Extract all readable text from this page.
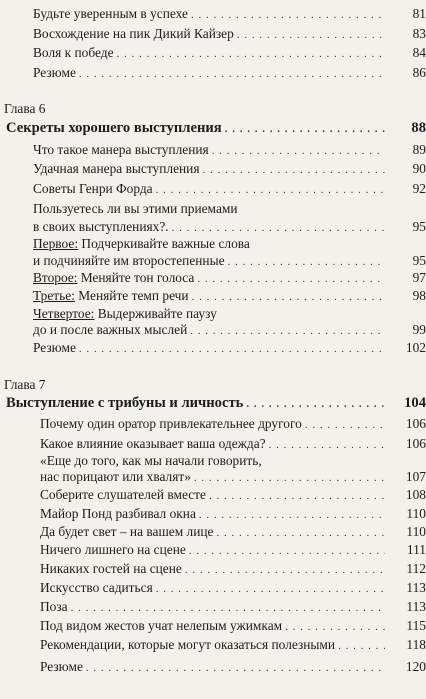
Будьте уверенным в успехе . . .	81
Восхождение на пик Дикий Кайзер . . .	83
Воля к победе . . .	84
Резюме . . .	86
Глава 6
Секреты хорошего выступления . . .	88
Что такое манера выступления . . .	89
Удачная манера выступления . . .	90
Советы Генри Форда . . .	92
Пользуетесь ли вы этими приемами
в своих выступлениях?. . . .	95
Первое: Подчеркивайте важные слова
и подчиняйте им второстепенные . . .	95
Вторoe: Меняйте тон голоса . . .	97
Третье: Меняйте темп речи . . .	98
Четвертое: Выдерживайте паузу
до и после важных мыслей . . .	99
Резюме . . .	102
Глава 7
Выступление с трибуны и личность . . .	104
Почему один оратор привлекательнее другого . . .	106
Какое влияние оказывает ваша одежда? . . .	106
«Еще до того, как мы начали говорить,
нас порицают или хвалят» . . .	107
Соберите слушателей вместе . . .	108
Майор Понд разбивал окна . . .	110
Да будет свет – на вашем лице . . .	110
Ничего лишнего на сцене . . .	111
Никаких гостей на сцене . . .	112
Искусство садиться . . .	113
Поза . . .	113
Под видом жестов учат нелепым ужимкам . . .	115
Рекомендации, которые могут оказаться полезными . . .	118
Резюме . . .	120
